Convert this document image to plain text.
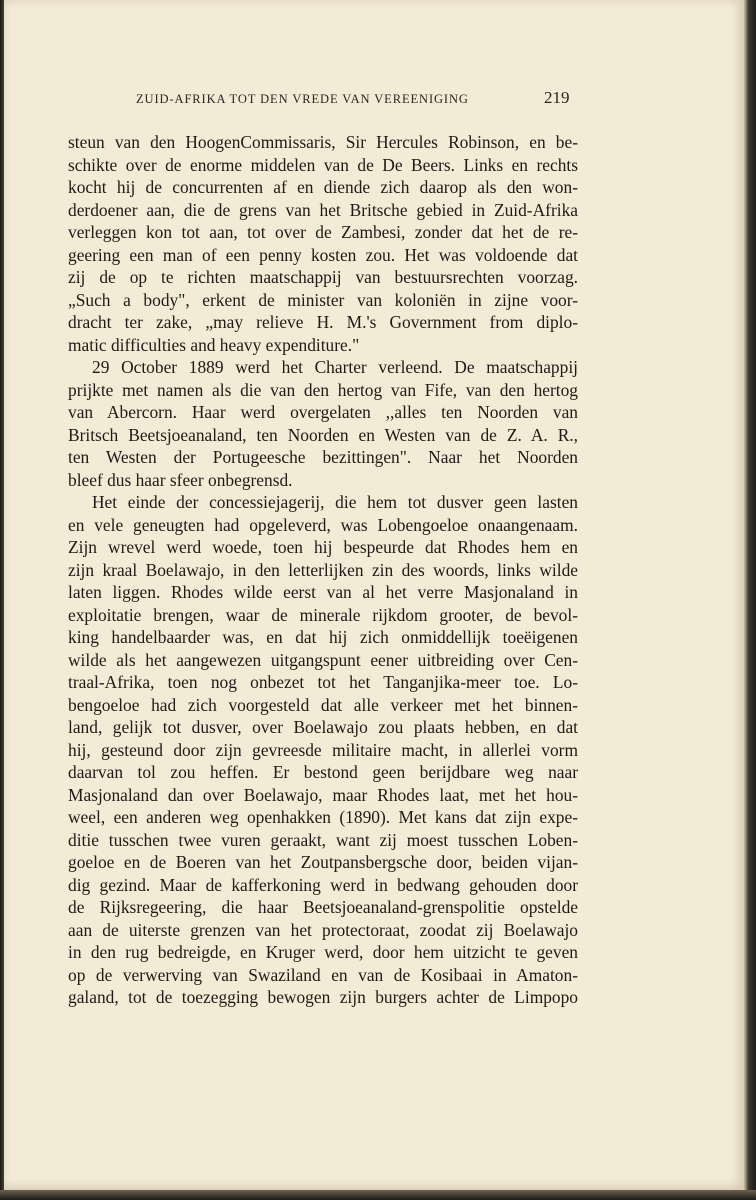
ZUID-AFRIKA TOT DEN VREDE VAN VEREENIGING	219
steun van den HoogenCommissaris, Sir Hercules Robinson, en be-
schikte over de enorme middelen van de De Beers. Links en rechts
kocht hij de concurrenten af en diende zich daarop als den won-
derdoener aan, die de grens van het Britsche gebied in Zuid-Afrika
verleggen kon tot aan, tot over de Zambesi, zonder dat het de re-
geering een man of een penny kosten zou. Het was voldoende dat
zij de op te richten maatschappij van bestuursrechten voorzag.
„Such a body", erkent de minister van koloniën in zijne voor-
dracht ter zake, „may relieve H. M.'s Government from diplo-
matic difficulties and heavy expenditure."
29 October 1889 werd het Charter verleend. De maatschappij
prijkte met namen als die van den hertog van Fife, van den hertog
van Abercorn. Haar werd overgelaten ,,alles ten Noorden van
Britsch Beetsjoeanaland, ten Noorden en Westen van de Z. A. R.,
ten Westen der Portugeesche bezittingen". Naar het Noorden
bleef dus haar sfeer onbegrensd.
Het einde der concessiejagerij, die hem tot dusver geen lasten
en vele geneugten had opgeleverd, was Lobengoeloe onaangenaam.
Zijn wrevel werd woede, toen hij bespeurde dat Rhodes hem en
zijn kraal Boelawajo, in den letterlijken zin des woords, links wilde
laten liggen. Rhodes wilde eerst van al het verre Masjonaland in
exploitatie brengen, waar de minerale rijkdom grooter, de bevol-
king handelbaarder was, en dat hij zich onmiddellijk toeëigenen
wilde als het aangewezen uitgangspunt eener uitbreiding over Cen-
traal-Afrika, toen nog onbezet tot het Tanganjika-meer toe. Lo-
bengoeloe had zich voorgesteld dat alle verkeer met het binnen-
land, gelijk tot dusver, over Boelawajo zou plaats hebben, en dat
hij, gesteund door zijn gevreesde militaire macht, in allerlei vorm
daarvan tol zou heffen. Er bestond geen berijdbare weg naar
Masjonaland dan over Boelawajo, maar Rhodes laat, met het hou-
weel, een anderen weg openhakken (1890). Met kans dat zijn expe-
ditie tusschen twee vuren geraakt, want zij moest tusschen Loben-
goeloe en de Boeren van het Zoutpansbergsche door, beiden vijan-
dig gezind. Maar de kafferkoning werd in bedwang gehouden door
de Rijksregeering, die haar Beetsjoeanaland-grenspolitie opstelde
aan de uiterste grenzen van het protectoraat, zoodat zij Boelawajo
in den rug bedreigde, en Kruger werd, door hem uitzicht te geven
op de verwerving van Swaziland en van de Kosibaai in Amaton-
galand, tot de toezegging bewogen zijn burgers achter de Limpopo
